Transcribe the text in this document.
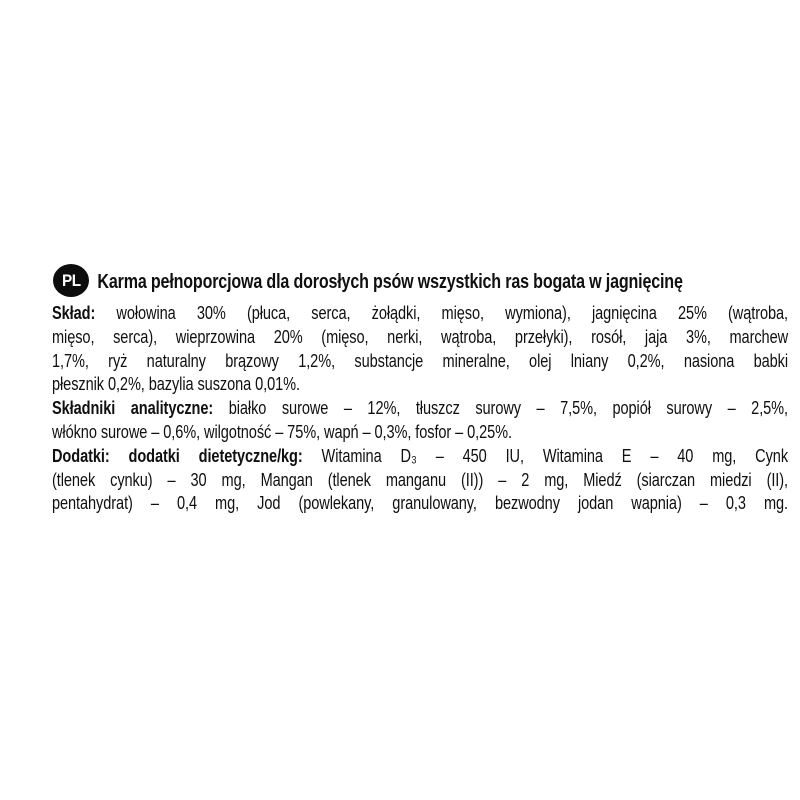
PL Karma pełnoporcjowa dla dorosłych psów wszystkich ras bogata w jagnięcinę
Skład: wołowina 30% (płuca, serca, żołądki, mięso, wymiona), jagnięcina 25% (wątroba,
mięso, serca), wieprzowina 20% (mięso, nerki, wątroba, przełyki), rosół, jaja 3%, marchew
1,7%, ryż naturalny brązowy 1,2%, substancje mineralne, olej lniany 0,2%, nasiona babki
płesznik 0,2%, bazylia suszona 0,01%.
Składniki analityczne: białko surowe – 12%, tłuszcz surowy – 7,5%, popiół surowy – 2,5%,
włókno surowe – 0,6%, wilgotność – 75%, wapń – 0,3%, fosfor – 0,25%.
Dodatki: dodatki dietetyczne/kg: Witamina D₃ – 450 IU, Witamina E – 40 mg, Cynk
(tlenek cynku) – 30 mg, Mangan (tlenek manganu (II)) – 2 mg, Miedź (siarczan miedzi (II),
pentahydrat) – 0,4 mg, Jod (powlekany, granulowany, bezwodny jodan wapnia) – 0,3 mg.
